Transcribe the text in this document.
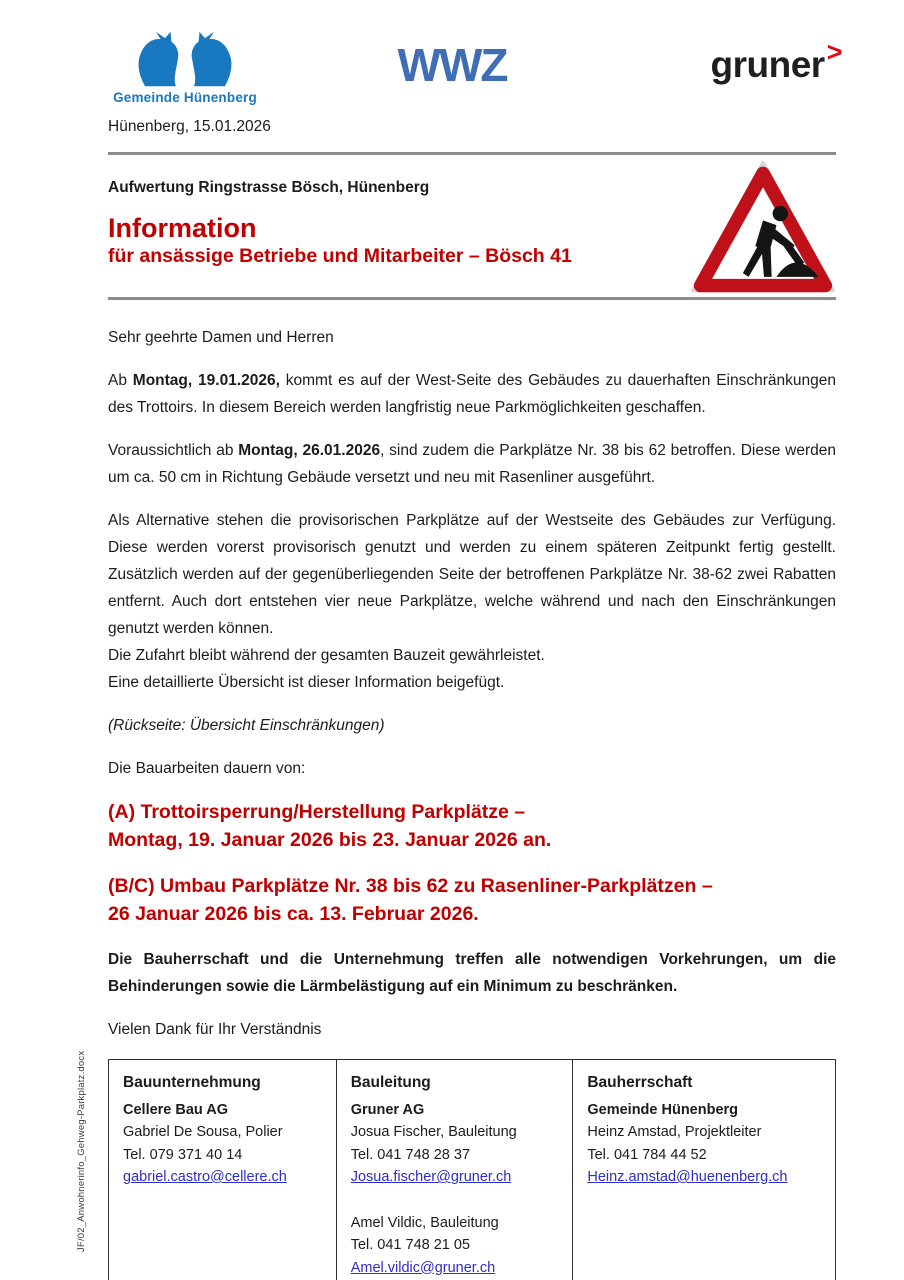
Gemeinde Hünenberg
WWZ	gruner>
Hünenberg, 15.01.2026
Aufwertung Ringstrasse Bösch, Hünenberg
Information
für ansässige Betriebe und Mitarbeiter – Bösch 41

Sehr geehrte Damen und Herren

Ab Montag, 19.01.2026, kommt es auf der West-Seite des Gebäudes zu dauerhaften Einschränkungen des Trottoirs. In diesem Bereich werden langfristig neue Parkmöglichkeiten geschaffen.

Voraussichtlich ab Montag, 26.01.2026, sind zudem die Parkplätze Nr. 38 bis 62 betroffen. Diese werden um ca. 50 cm in Richtung Gebäude versetzt und neu mit Rasenliner ausgeführt.

Als Alternative stehen die provisorischen Parkplätze auf der Westseite des Gebäudes zur Verfügung. Diese werden vorerst provisorisch genutzt und werden zu einem späteren Zeitpunkt fertig gestellt. Zusätzlich werden auf der gegenüberliegenden Seite der betroffenen Parkplätze Nr. 38-62 zwei Rabatten entfernt. Auch dort entstehen vier neue Parkplätze, welche während und nach den Einschränkungen genutzt werden können.
Die Zufahrt bleibt während der gesamten Bauzeit gewährleistet.

Eine detaillierte Übersicht ist dieser Information beigefügt.

(Rückseite: Übersicht Einschränkungen)

Die Bauarbeiten dauern von:

(A) Trottoirsperrung/Herstellung Parkplätze –
Montag, 19. Januar 2026 bis 23. Januar 2026 an.
(B/C) Umbau Parkplätze Nr. 38 bis 62 zu Rasenliner-Parkplätzen –
26 Januar 2026 bis ca. 13. Februar 2026.

Die Bauherrschaft und die Unternehmung treffen alle notwendigen Vorkehrungen, um die Behinderungen sowie die Lärmbelästigung auf ein Minimum zu beschränken.

Vielen Dank für Ihr Verständnis

Bauunternehmung
Cellere Bau AG
Gabriel De Sousa, Polier
Tel. 079 371 40 14
gabriel.castro@cellere.ch
Bauleitung
Gruner AG
Josua Fischer, Bauleitung
Tel. 041 748 28 37
Josua.fischer@gruner.ch
Amel Vildic, Bauleitung
Tel. 041 748 21 05
Amel.vildic@gruner.ch
Bauherrschaft
Gemeinde Hünenberg
Heinz Amstad, Projektleiter
Tel. 041 784 44 52
Heinz.amstad@huenenberg.ch
JF/02_Anwohnerinfo_Gehweg-Parkplatz.docx
